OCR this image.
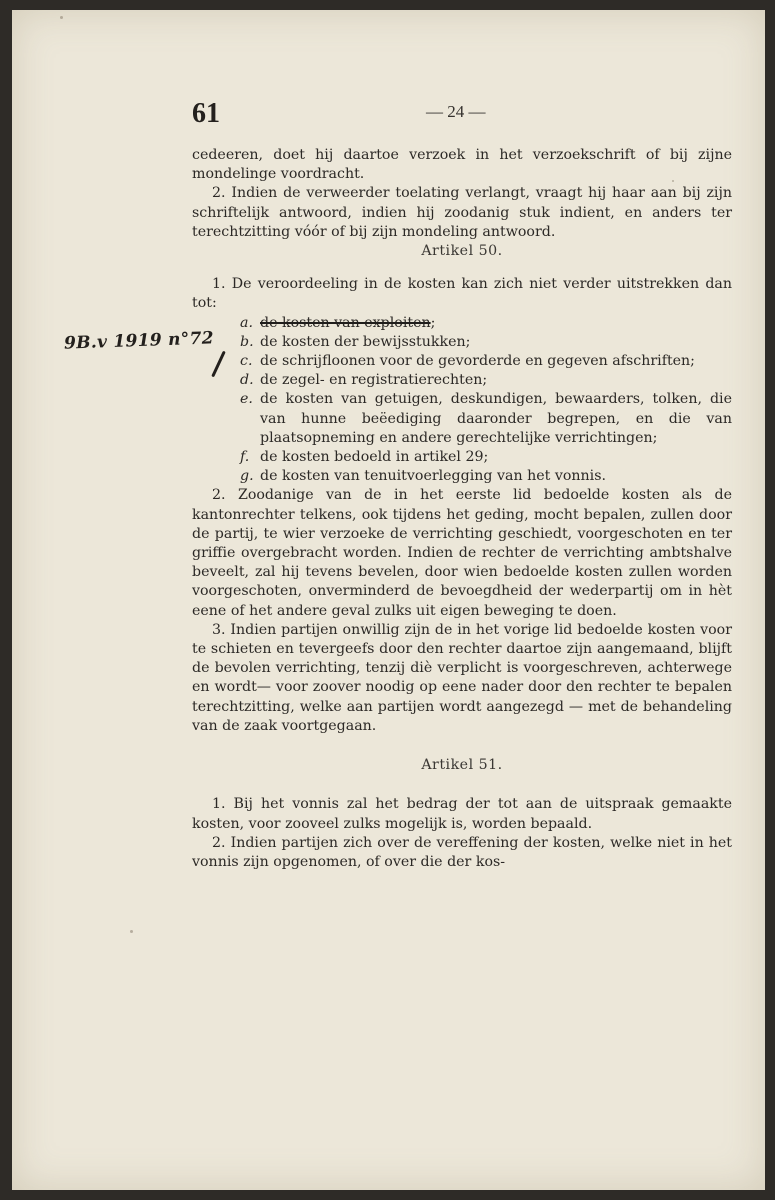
61	— 24 —
9B.v 1919 n°72

cedeeren, doet hij daartoe verzoek in het verzoekschrift of bij zijne mondelinge voordracht.

2. Indien de verweerder toelating verlangt, vraagt hij haar aan bij zijn schriftelijk antwoord, indien hij zoodanig stuk indient, en anders ter terechtzitting vóór of bij zijn mondeling antwoord.

Artikel 50.

1. De veroordeeling in de kosten kan zich niet verder uitstrekken dan tot:

a. de kosten van exploiten;
b. de kosten der bewijsstukken;
c. de schrijfloonen voor de gevorderde en gegeven afschriften;
d. de zegel- en registratierechten;
e. de kosten van getuigen, deskundigen, bewaarders, tolken, die van hunne beëediging daaronder begrepen, en die van plaatsopneming en andere gerechtelijke verrichtingen;
f. de kosten bedoeld in artikel 29;
g. de kosten van tenuitvoerlegging van het vonnis.

2. Zoodanige van de in het eerste lid bedoelde kosten als de kantonrechter telkens, ook tijdens het geding, mocht bepalen, zullen door de partij, te wier verzoeke de verrichting geschiedt, voorgeschoten en ter griffie overgebracht worden. Indien de rechter de verrichting ambtshalve beveelt, zal hij tevens bevelen, door wien bedoelde kosten zullen worden voorgeschoten, onverminderd de bevoegdheid der wederpartij om in hèt eene of het andere geval zulks uit eigen beweging te doen.

3. Indien partijen onwillig zijn de in het vorige lid bedoelde kosten voor te schieten en tevergeefs door den rechter daartoe zijn aangemaand, blijft de bevolen verrichting, tenzij diè verplicht is voorgeschreven, achterwege en wordt— voor zoover noodig op eene nader door den rechter te bepalen terechtzitting, welke aan partijen wordt aangezegd — met de behandeling van de zaak voortgegaan.

Artikel 51.

1. Bij het vonnis zal het bedrag der tot aan de uitspraak gemaakte kosten, voor zooveel zulks mogelijk is, worden bepaald.

2. Indien partijen zich over de vereffening der kosten, welke niet in het vonnis zijn opgenomen, of over die der kos-
